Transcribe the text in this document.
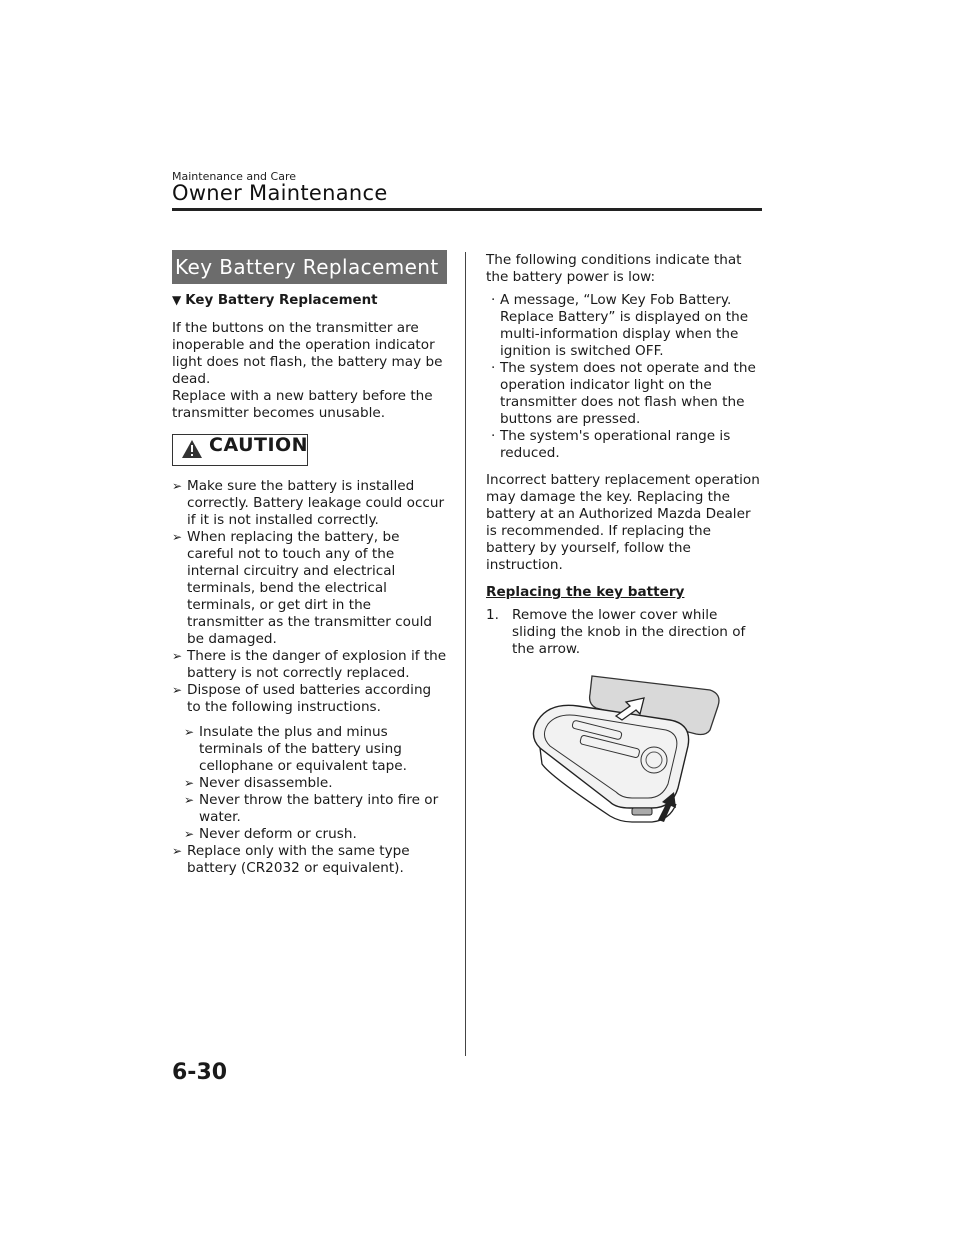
Maintenance and Care
Owner Maintenance
Key Battery Replacement
▼ Key Battery Replacement

If the buttons on the transmitter are inoperable and the operation indicator light does not flash, the battery may be dead.

Replace with a new battery before the transmitter becomes unusable.

CAUTION
➢ Make sure the battery is installed correctly. Battery leakage could occur if it is not installed correctly.
➢ When replacing the battery, be careful not to touch any of the internal circuitry and electrical terminals, bend the electrical terminals, or get dirt in the transmitter as the transmitter could be damaged.
➢ There is the danger of explosion if the battery is not correctly replaced.
➢ Dispose of used batteries according to the following instructions.
➢ Insulate the plus and minus terminals of the battery using cellophane or equivalent tape.
➢ Never disassemble.
➢ Never throw the battery into fire or water.
➢ Never deform or crush.
➢ Replace only with the same type battery (CR2032 or equivalent).
The following conditions indicate that the battery power is low:
· A message, “Low Key Fob Battery. Replace Battery” is displayed on the multi-information display when the ignition is switched OFF.
· The system does not operate and the operation indicator light on the transmitter does not flash when the buttons are pressed.
· The system's operational range is reduced.

Incorrect battery replacement operation may damage the key. Replacing the battery at an Authorized Mazda Dealer is recommended. If replacing the battery by yourself, follow the instruction.

Replacing the key battery

1. Remove the lower cover while sliding the knob in the direction of the arrow.
6-30
